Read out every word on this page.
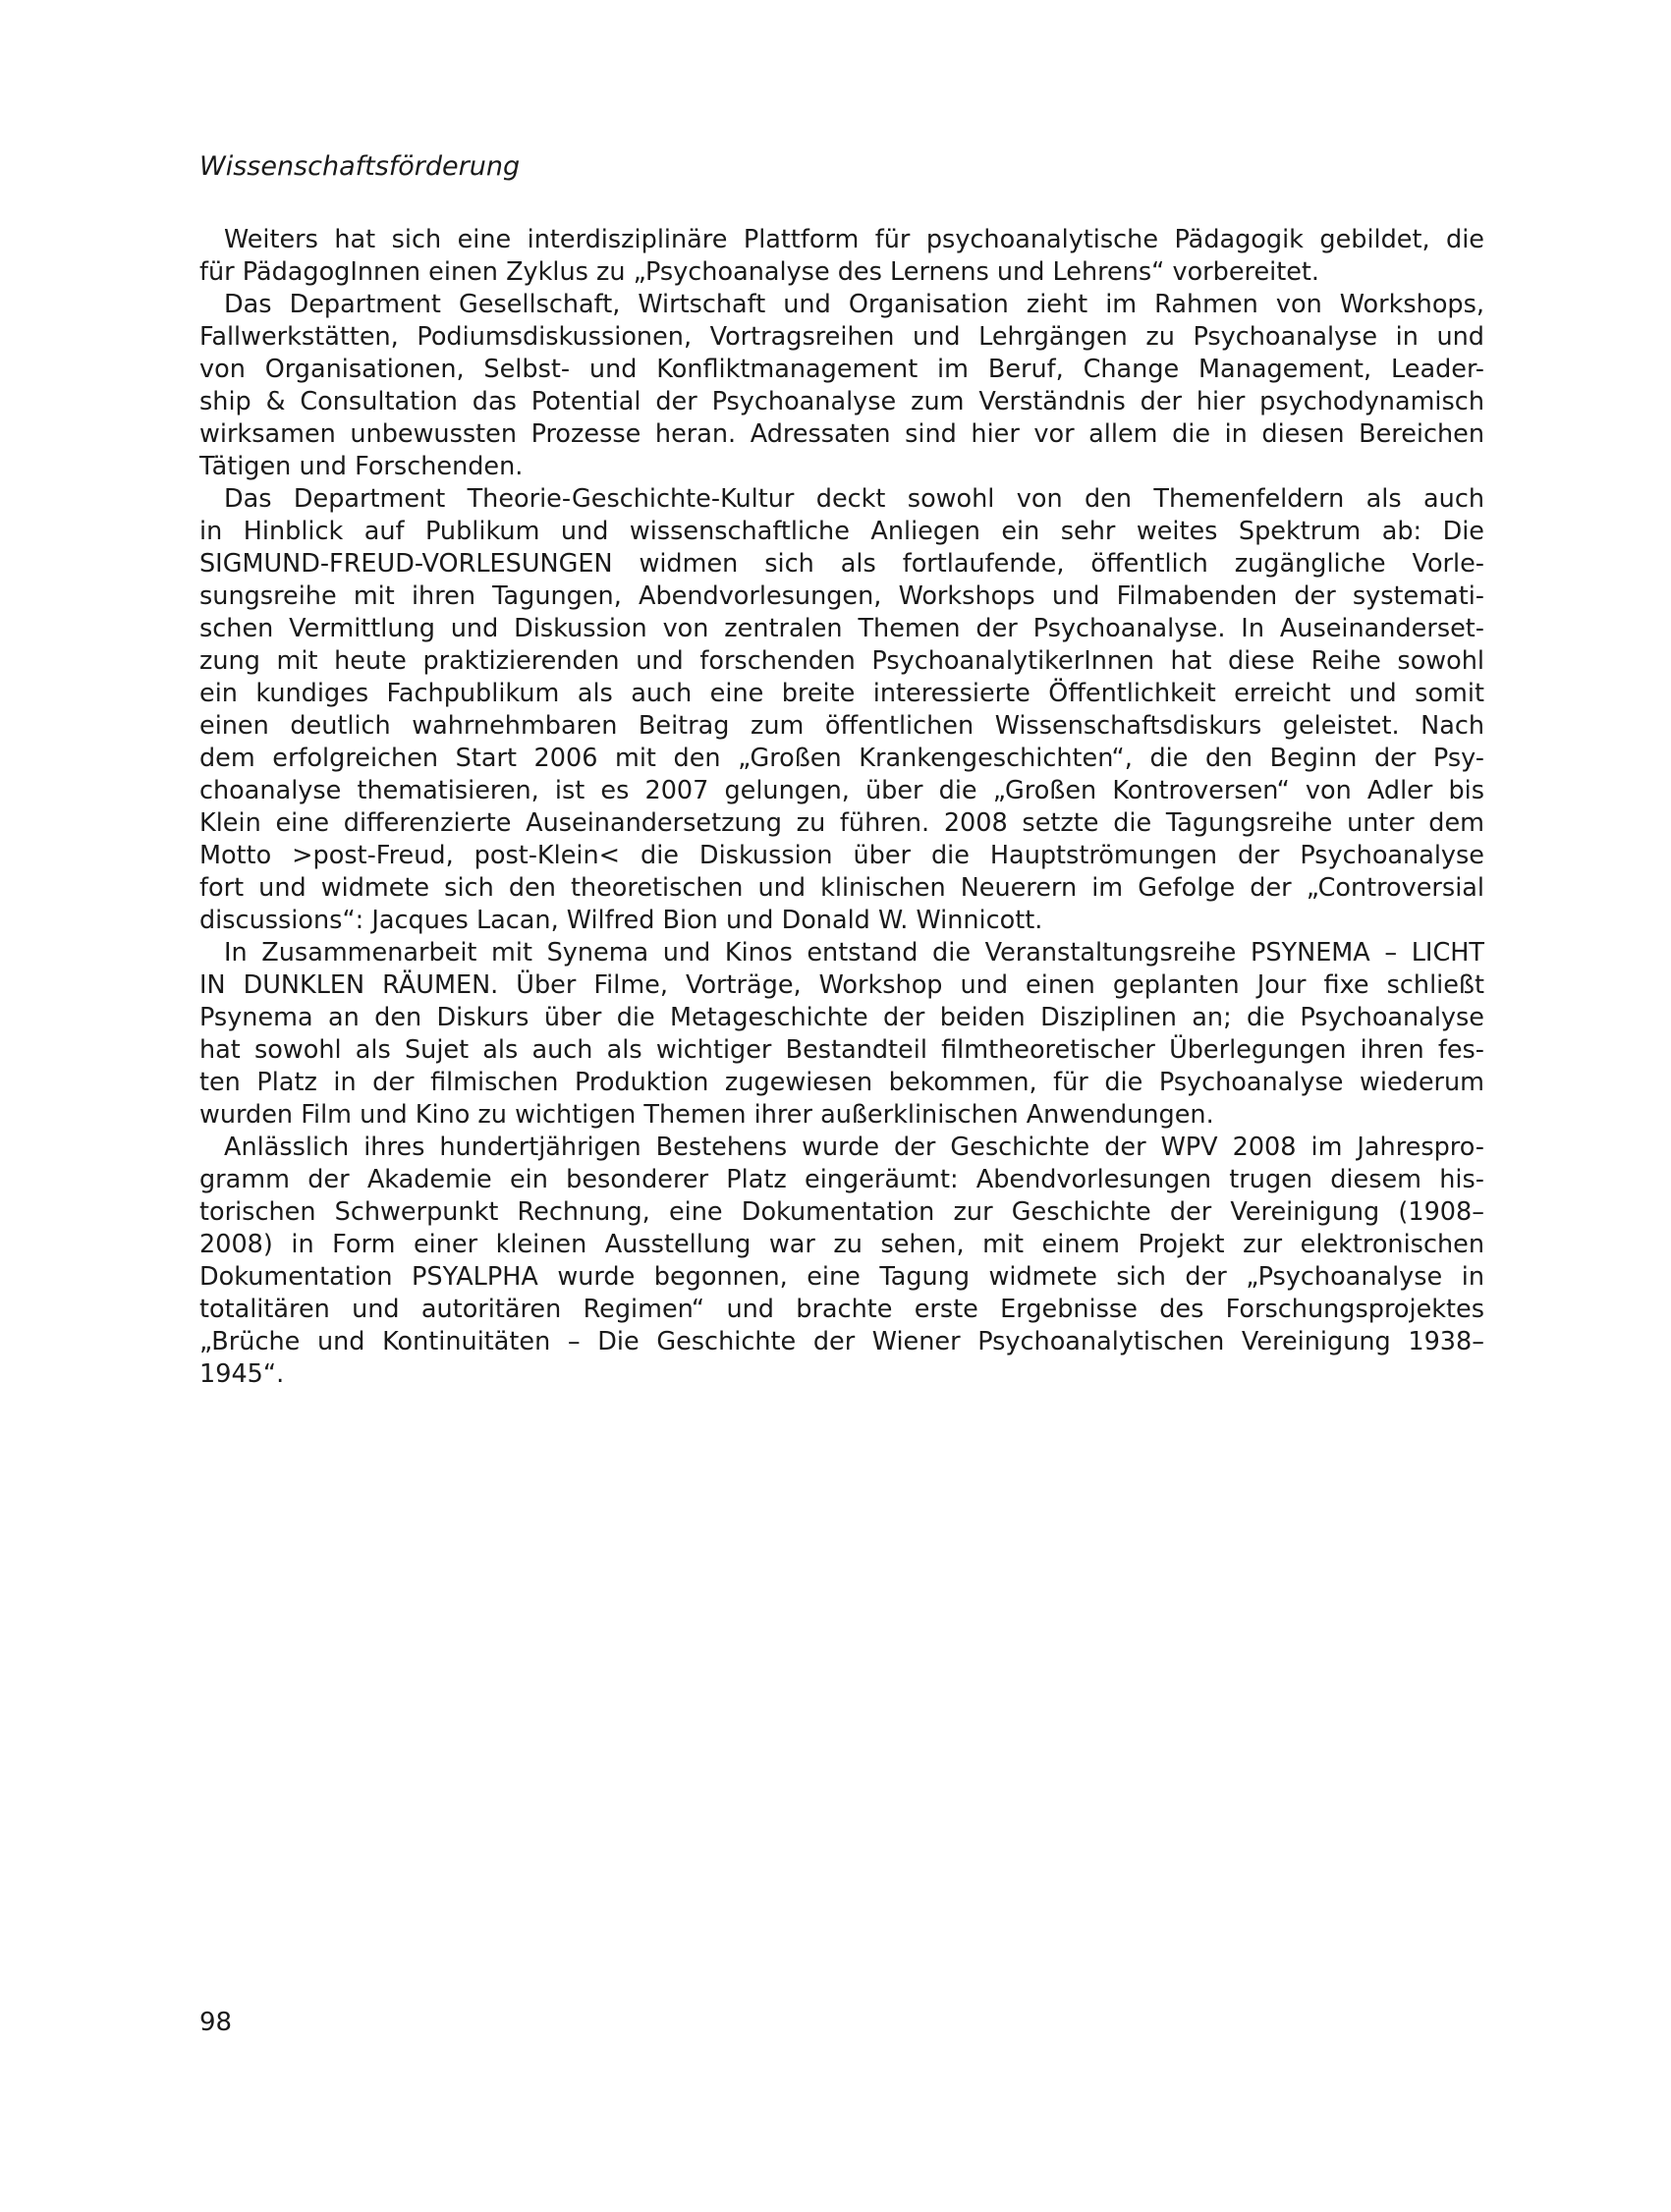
Wissenschaftsförderung
Weiters hat sich eine interdisziplinäre Plattform für psychoanalytische Pädagogik gebildet, die
für PädagogInnen einen Zyklus zu „Psychoanalyse des Lernens und Lehrens“ vorbereitet.
Das Department Gesellschaft, Wirtschaft und Organisation zieht im Rahmen von Workshops,
Fallwerkstätten, Podiumsdiskussionen, Vortragsreihen und Lehrgängen zu Psychoanalyse in und
von Organisationen, Selbst- und Konfliktmanagement im Beruf, Change Management, Leader-
ship & Consultation das Potential der Psychoanalyse zum Verständnis der hier psychodynamisch
wirksamen unbewussten Prozesse heran. Adressaten sind hier vor allem die in diesen Bereichen
Tätigen und Forschenden.
Das Department Theorie-Geschichte-Kultur deckt sowohl von den Themenfeldern als auch
in Hinblick auf Publikum und wissenschaftliche Anliegen ein sehr weites Spektrum ab: Die
SIGMUND-FREUD-VORLESUNGEN widmen sich als fortlaufende, öffentlich zugängliche Vorle-
sungsreihe mit ihren Tagungen, Abendvorlesungen, Workshops und Filmabenden der systemati-
schen Vermittlung und Diskussion von zentralen Themen der Psychoanalyse. In Auseinanderset-
zung mit heute praktizierenden und forschenden PsychoanalytikerInnen hat diese Reihe sowohl
ein kundiges Fachpublikum als auch eine breite interessierte Öffentlichkeit erreicht und somit
einen deutlich wahrnehmbaren Beitrag zum öffentlichen Wissenschaftsdiskurs geleistet. Nach
dem erfolgreichen Start 2006 mit den „Großen Krankengeschichten“, die den Beginn der Psy-
choanalyse thematisieren, ist es 2007 gelungen, über die „Großen Kontroversen“ von Adler bis
Klein eine differenzierte Auseinandersetzung zu führen. 2008 setzte die Tagungsreihe unter dem
Motto >post-Freud, post-Klein< die Diskussion über die Hauptströmungen der Psychoanalyse
fort und widmete sich den theoretischen und klinischen Neuerern im Gefolge der „Controversial
discussions“: Jacques Lacan, Wilfred Bion und Donald W. Winnicott.
In Zusammenarbeit mit Synema und Kinos entstand die Veranstaltungsreihe PSYNEMA – LICHT
IN DUNKLEN RÄUMEN. Über Filme, Vorträge, Workshop und einen geplanten Jour fixe schließt
Psynema an den Diskurs über die Metageschichte der beiden Disziplinen an; die Psychoanalyse
hat sowohl als Sujet als auch als wichtiger Bestandteil filmtheoretischer Überlegungen ihren fes-
ten Platz in der filmischen Produktion zugewiesen bekommen, für die Psychoanalyse wiederum
wurden Film und Kino zu wichtigen Themen ihrer außerklinischen Anwendungen.
Anlässlich ihres hundertjährigen Bestehens wurde der Geschichte der WPV 2008 im Jahrespro-
gramm der Akademie ein besonderer Platz eingeräumt: Abendvorlesungen trugen diesem his-
torischen Schwerpunkt Rechnung, eine Dokumentation zur Geschichte der Vereinigung (1908–
2008) in Form einer kleinen Ausstellung war zu sehen, mit einem Projekt zur elektronischen
Dokumentation PSYALPHA wurde begonnen, eine Tagung widmete sich der „Psychoanalyse in
totalitären und autoritären Regimen“ und brachte erste Ergebnisse des Forschungsprojektes
„Brüche und Kontinuitäten – Die Geschichte der Wiener Psychoanalytischen Vereinigung 1938–
1945“.
98
